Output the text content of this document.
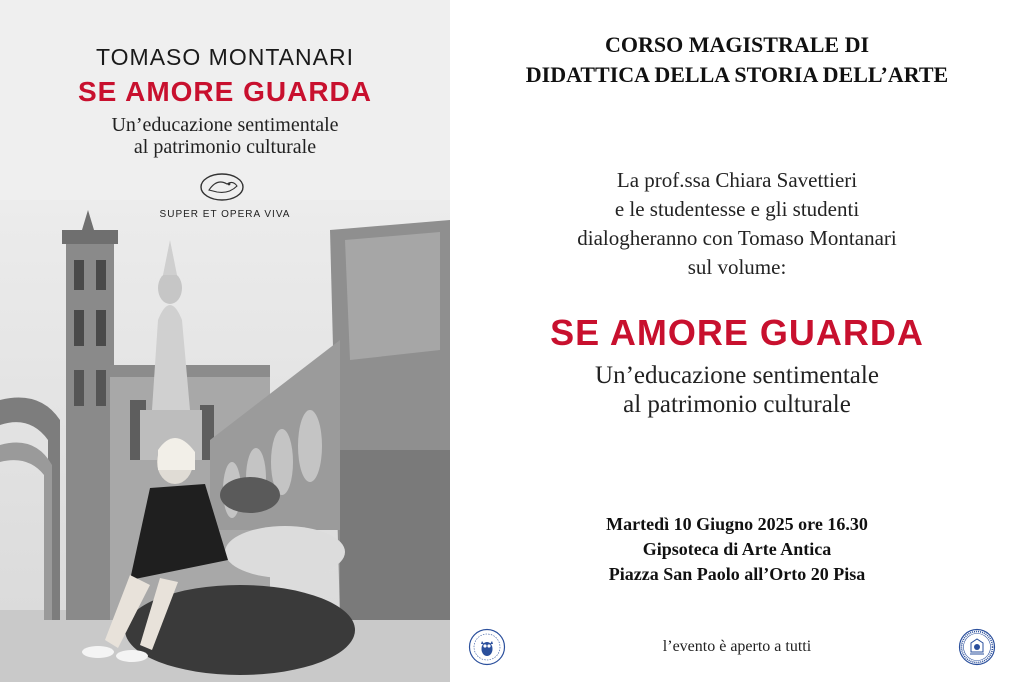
TOMASO MONTANARI
SE AMORE GUARDA
Un’educazione sentimentale
al patrimonio culturale
SUPER ET OPERA VIVA
CORSO MAGISTRALE DI
DIDATTICA DELLA STORIA DELL’ARTE
La prof.ssa Chiara Savettieri
e le studentesse e gli studenti
dialogheranno con Tomaso Montanari
sul volume:
SE AMORE GUARDA
Un’educazione sentimentale
al patrimonio culturale
Martedì 10 Giugno 2025 ore 16.30
Gipsoteca di Arte Antica
Piazza San Paolo all’Orto 20 Pisa
l’evento è aperto a tutti
